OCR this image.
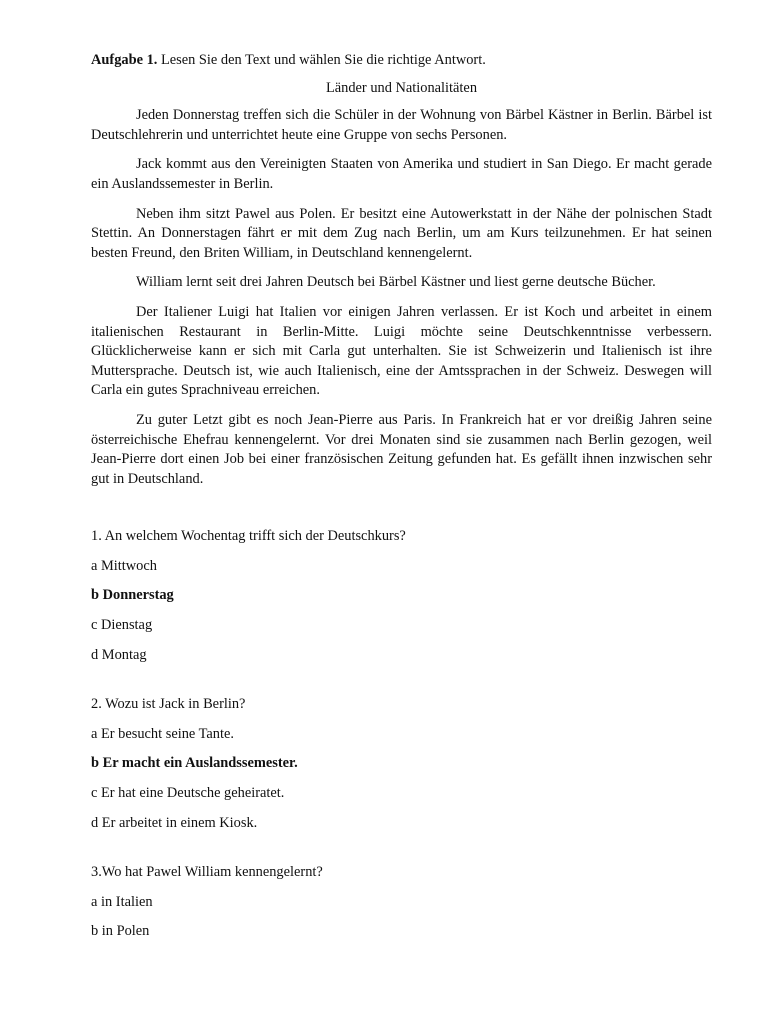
Aufgabe 1. Lesen Sie den Text und wählen Sie die richtige Antwort.

Länder und Nationalitäten

Jeden Donnerstag treffen sich die Schüler in der Wohnung von Bärbel Kästner in Berlin. Bärbel ist Deutschlehrerin und unterrichtet heute eine Gruppe von sechs Personen.

Jack kommt aus den Vereinigten Staaten von Amerika und studiert in San Diego. Er macht gerade ein Auslandssemester in Berlin.

Neben ihm sitzt Pawel aus Polen. Er besitzt eine Autowerkstatt in der Nähe der polnischen Stadt Stettin. An Donnerstagen fährt er mit dem Zug nach Berlin, um am Kurs teilzunehmen. Er hat seinen besten Freund, den Briten William, in Deutschland kennengelernt.

William lernt seit drei Jahren Deutsch bei Bärbel Kästner und liest gerne deutsche Bücher.

Der Italiener Luigi hat Italien vor einigen Jahren verlassen. Er ist Koch und arbeitet in einem italienischen Restaurant in Berlin-Mitte. Luigi möchte seine Deutschkenntnisse verbessern. Glücklicherweise kann er sich mit Carla gut unterhalten. Sie ist Schweizerin und Italienisch ist ihre Muttersprache. Deutsch ist, wie auch Italienisch, eine der Amtssprachen in der Schweiz. Deswegen will Carla ein gutes Sprachniveau erreichen.

Zu guter Letzt gibt es noch Jean-Pierre aus Paris. In Frankreich hat er vor dreißig Jahren seine österreichische Ehefrau kennengelernt. Vor drei Monaten sind sie zusammen nach Berlin gezogen, weil Jean-Pierre dort einen Job bei einer französischen Zeitung gefunden hat. Es gefällt ihnen inzwischen sehr gut in Deutschland.

1. An welchem Wochentag trifft sich der Deutschkurs?

a Mittwoch

b Donnerstag

c Dienstag

d Montag

2. Wozu ist Jack in Berlin?

a Er besucht seine Tante.

b Er macht ein Auslandssemester.

c Er hat eine Deutsche geheiratet.

d Er arbeitet in einem Kiosk.

3.Wo hat Pawel William kennengelernt?

a in Italien

b in Polen
